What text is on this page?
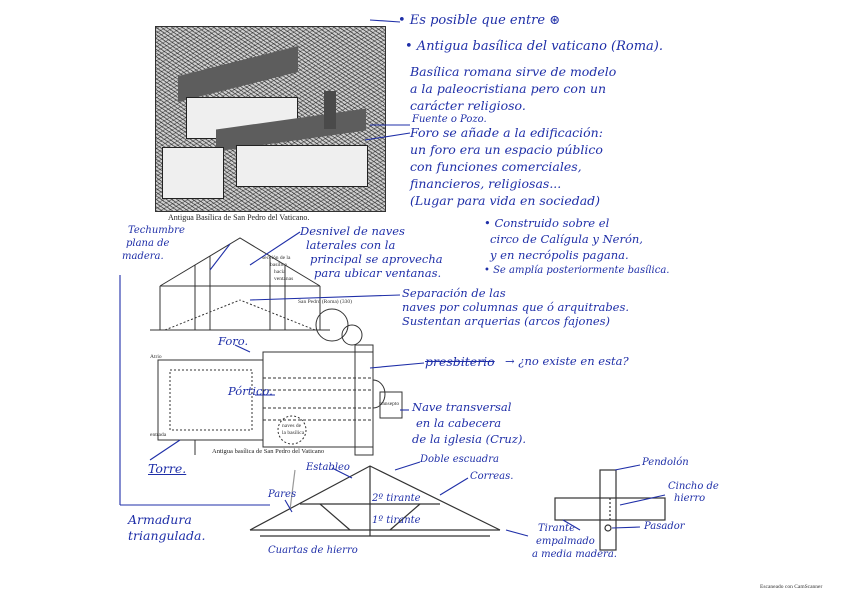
Antigua Basílica de San Pedro del Vaticano.
sección de la
basílica
hacia
ventanas
San Pedro (Roma) (330)
Atrio
entrada
transepto
naves de
la basílica
Antigua basílica de San Pedro del Vaticano
Escaneado con CamScanner
• Es posible que entre ⊛
• Antigua basílica del vaticano (Roma).
Basílica romana sirve de modelo
a la paleocristiana pero con un
carácter religioso.
Fuente o Pozo.
Foro se añade a la edificación:
un foro era un espacio público
con funciones comerciales,
financieros, religiosas...
(Lugar para vida en sociedad)
• Construido sobre el
circo de Calígula y Nerón,
y en necrópolis pagana.
• Se amplía posteriormente basílica.
Techumbre
plana de
madera.
Desnivel de naves
laterales con la
principal se aprovecha
para ubicar ventanas.
Separación de las
naves por columnas que ó arquitrabes.
Sustentan arquerias (arcos fajones)
Foro.
Pórtico.
presbiterio → ¿no existe en esta?
Nave transversal
en la cabecera
de la iglesia (Cruz).
Torre.	Estableo
Doble escuadra
Correas.
Pares	2º tirante
1º tirante
Cuartas de hierro
Armadura
triangulada.
Pendolón
Cincho de
hierro
Tirante
empalmado
a media madera.
Pasador
